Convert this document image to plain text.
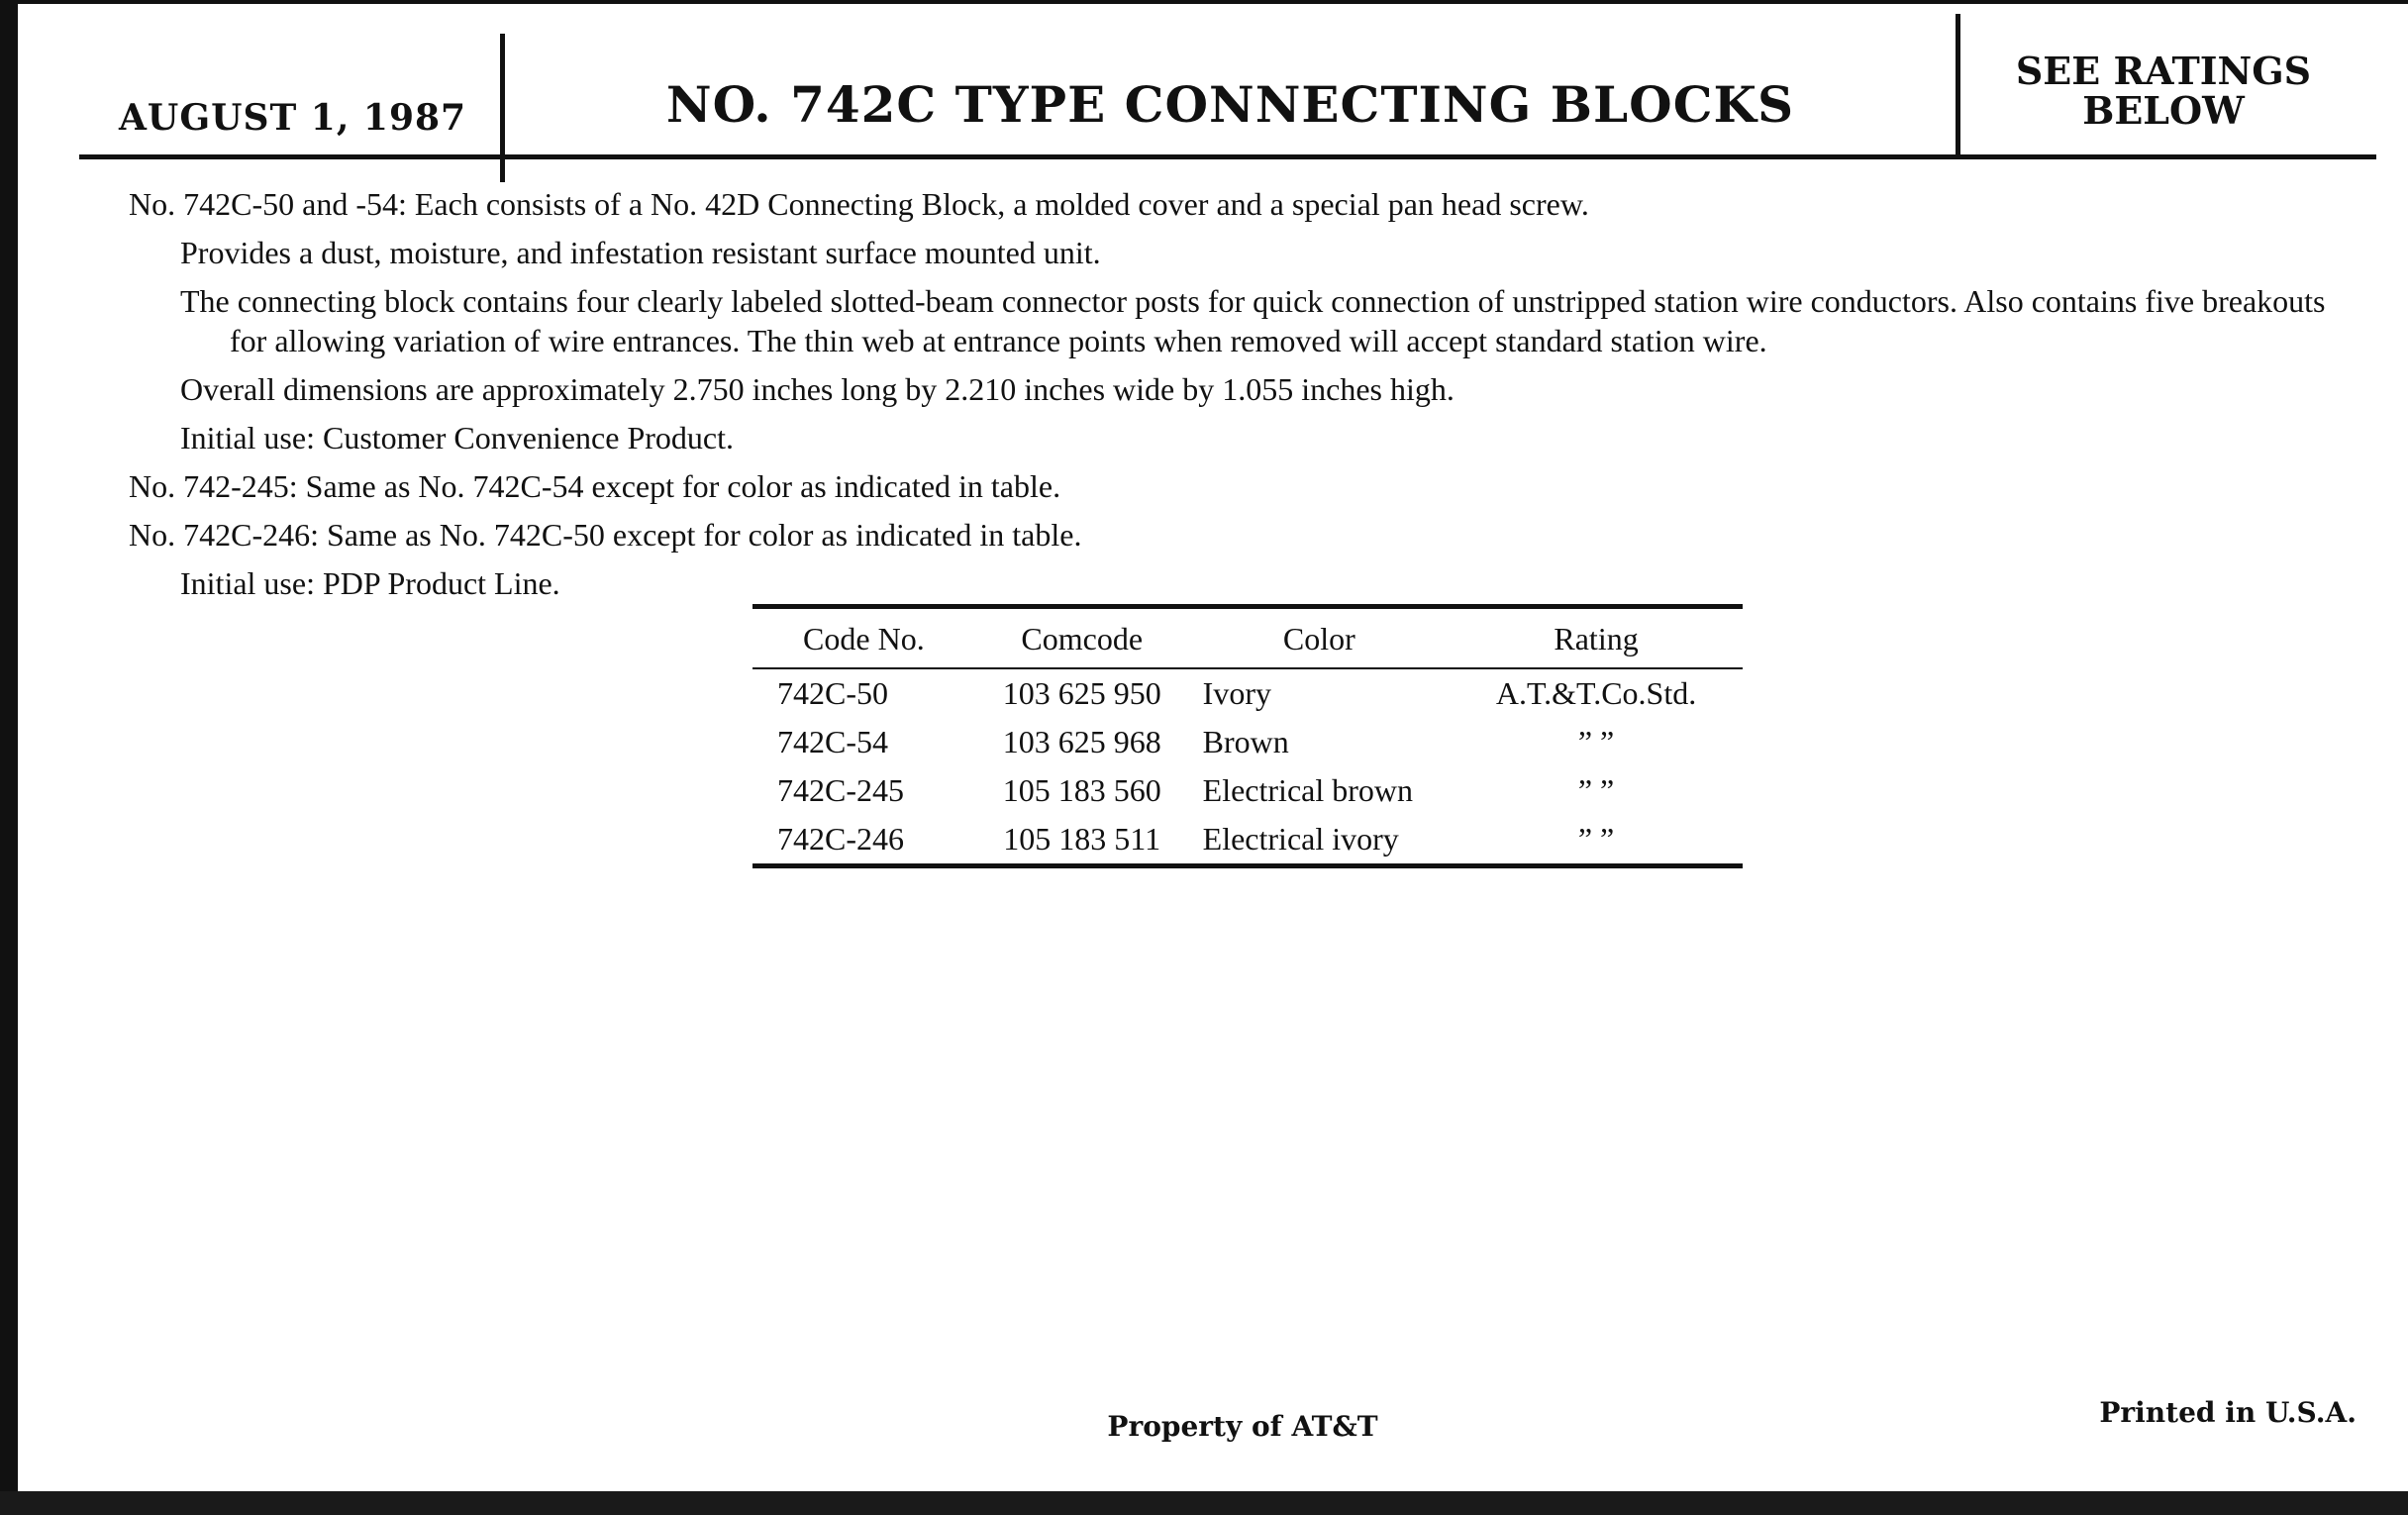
AUGUST 1, 1987	NO. 742C TYPE CONNECTING BLOCKS
SEE RATINGS
BELOW

No. 742C-50 and -54: Each consists of a No. 42D Connecting Block, a molded cover and a special pan head screw.

Provides a dust, moisture, and infestation resistant surface mounted unit.

The connecting block contains four clearly labeled slotted-beam connector posts for quick connection of unstripped station wire conductors. Also contains five breakouts for allowing variation of wire entrances. The thin web at entrance points when removed will accept standard station wire.

Overall dimensions are approximately 2.750 inches long by 2.210 inches wide by 1.055 inches high.

Initial use: Customer Convenience Product.

No. 742-245: Same as No. 742C-54 except for color as indicated in table.

No. 742C-246: Same as No. 742C-50 except for color as indicated in table.

Initial use: PDP Product Line.

Code No.	Comcode	Color	Rating

742C-50	103 625 950	Ivory	A.T.&T.Co.Std.
742C-54	103 625 968	Brown	” ”
742C-245	105 183 560	Electrical brown	” ”
742C-246	105 183 511	Electrical ivory	” ”
Property of AT&T	Printed in U.S.A.
